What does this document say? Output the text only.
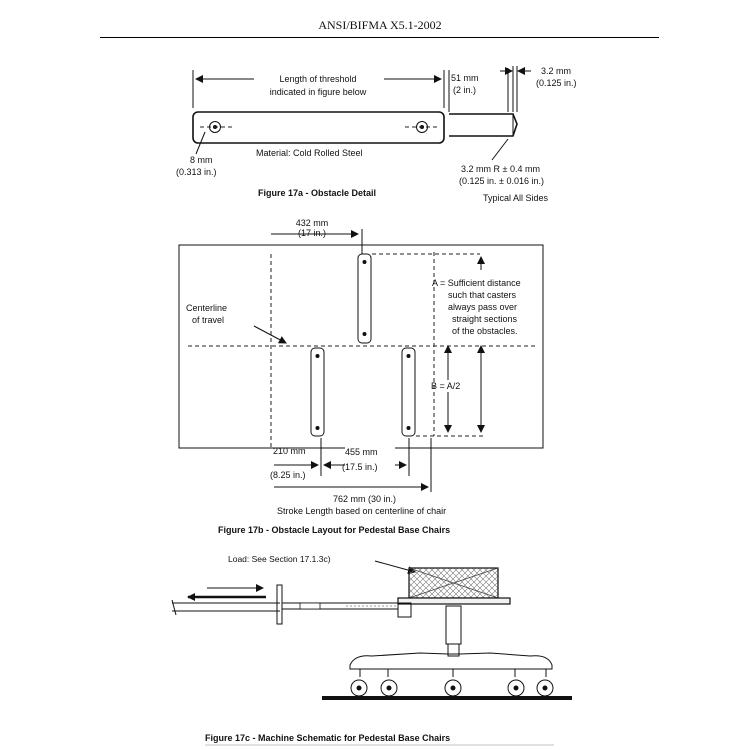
ANSI/BIFMA X5.1-2002
Length of threshold
indicated in figure below
8 mm
(0.313 in.)
Material: Cold Rolled Steel
51 mm
(2 in.)
3.2 mm
(0.125 in.)
3.2 mm R ± 0.4 mm
(0.125 in. ± 0.016 in.)
Typical All Sides
Figure 17a - Obstacle Detail
432 mm
(17 in.)
Centerline
of travel
A = Sufficient distance
such that casters
always pass over
straight sections
of the obstacles.
B = A/2
210 mm
(8.25 in.)
455 mm
(17.5 in.)
762 mm (30 in.)
Stroke Length based on centerline of chair
Figure 17b - Obstacle Layout for Pedestal Base Chairs
Load: See Section 17.1.3c)
Figure 17c - Machine Schematic for Pedestal Base Chairs
